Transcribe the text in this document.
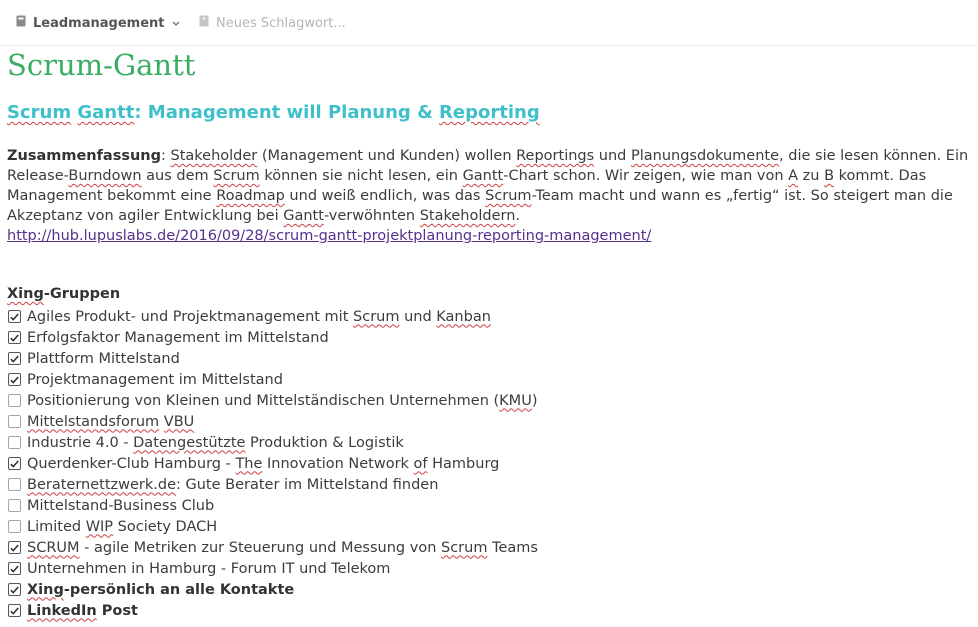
Leadmanagement	Neues Schlagwort...
Scrum-Gantt
Scrum Gantt: Management will Planung & Reporting
Zusammenfassung: Stakeholder (Management und Kunden) wollen Reportings und Planungsdokumente, die sie lesen können. Ein
Release-Burndown aus dem Scrum können sie nicht lesen, ein Gantt-Chart schon. Wir zeigen, wie man von A zu B kommt. Das
Management bekommt eine Roadmap und weiß endlich, was das Scrum-Team macht und wann es „fertig“ ist. So steigert man die
Akzeptanz von agiler Entwicklung bei Gantt-verwöhnten Stakeholdern.
http://hub.lupuslabs.de/2016/09/28/scrum-gantt-projektplanung-reporting-management/
Xing-Gruppen
Agiles Produkt- und Projektmanagement mit Scrum und Kanban
Erfolgsfaktor Management im Mittelstand
Plattform Mittelstand
Projektmanagement im Mittelstand
Positionierung von Kleinen und Mittelständischen Unternehmen (KMU)
Mittelstandsforum VBU
Industrie 4.0 - Datengestützte Produktion & Logistik
Querdenker-Club Hamburg - The Innovation Network of Hamburg
Beraternettzwerk.de: Gute Berater im Mittelstand finden
Mittelstand-Business Club
Limited WIP Society DACH
SCRUM - agile Metriken zur Steuerung und Messung von Scrum Teams
Unternehmen in Hamburg - Forum IT und Telekom
Xing-persönlich an alle Kontakte
LinkedIn Post
